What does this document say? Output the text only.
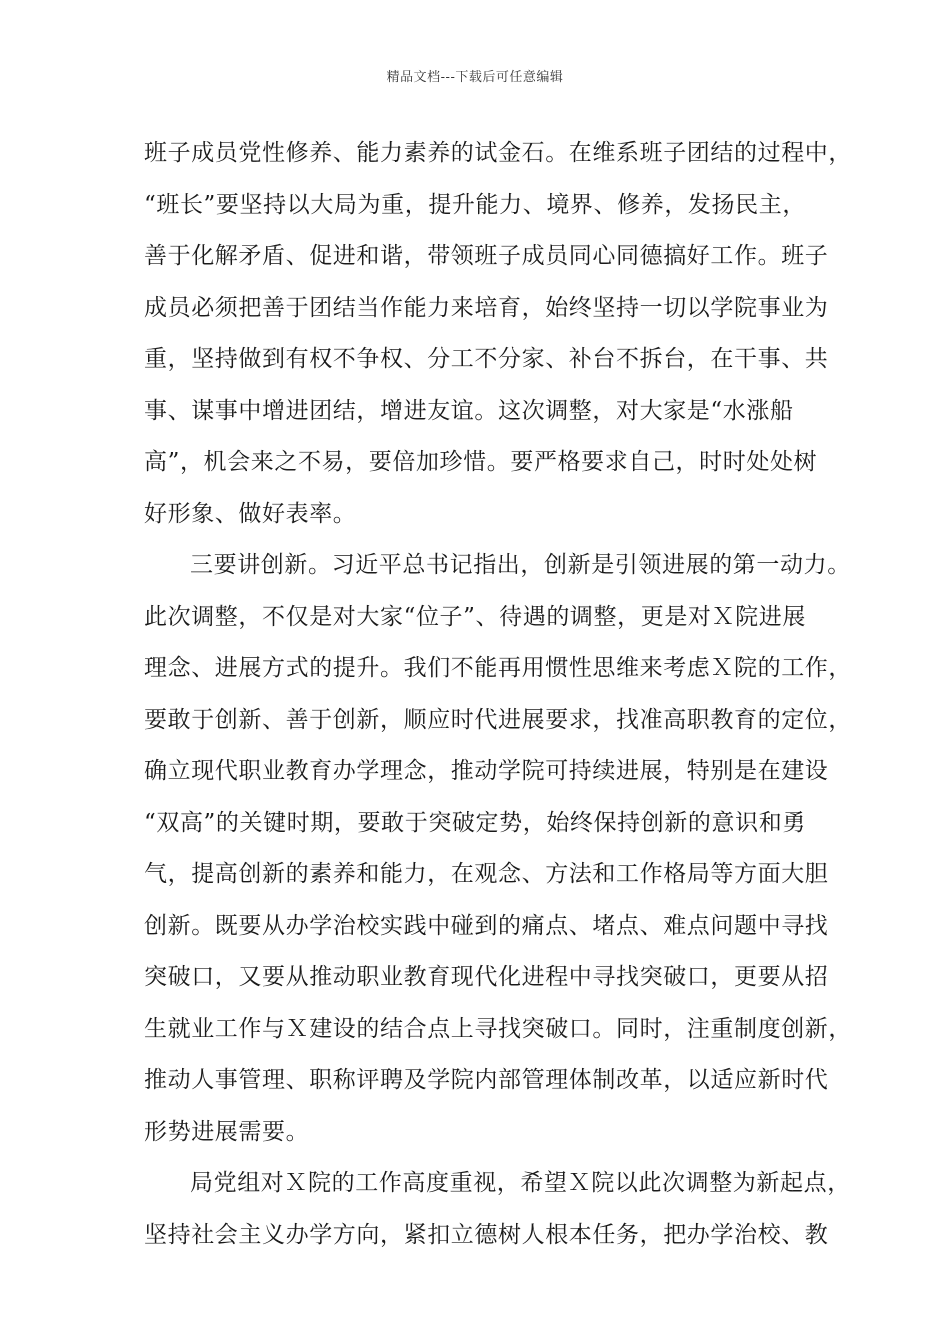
精品文档---下载后可任意编辑
班子成员党性修养、能力素养的试金石。在维系班子团结的过程中，
“班长”要坚持以大局为重，提升能力、境界、修养，发扬民主，
善于化解矛盾、促进和谐，带领班子成员同心同德搞好工作。班子
成员必须把善于团结当作能力来培育，始终坚持一切以学院事业为
重，坚持做到有权不争权、分工不分家、补台不拆台，在干事、共
事、谋事中增进团结，增进友谊。这次调整，对大家是“水涨船
高”，机会来之不易，要倍加珍惜。要严格要求自己，时时处处树
好形象、做好表率。
三要讲创新。习近平总书记指出，创新是引领进展的第一动力。
此次调整，不仅是对大家“位子”、待遇的调整，更是对Ｘ院进展
理念、进展方式的提升。我们不能再用惯性思维来考虑Ｘ院的工作，
要敢于创新、善于创新，顺应时代进展要求，找准高职教育的定位，
确立现代职业教育办学理念，推动学院可持续进展，特别是在建设
“双高”的关键时期，要敢于突破定势，始终保持创新的意识和勇
气，提高创新的素养和能力，在观念、方法和工作格局等方面大胆
创新。既要从办学治校实践中碰到的痛点、堵点、难点问题中寻找
突破口，又要从推动职业教育现代化进程中寻找突破口，更要从招
生就业工作与Ｘ建设的结合点上寻找突破口。同时，注重制度创新，
推动人事管理、职称评聘及学院内部管理体制改革，以适应新时代
形势进展需要。
局党组对Ｘ院的工作高度重视，希望Ｘ院以此次调整为新起点，
坚持社会主义办学方向，紧扣立德树人根本任务，把办学治校、教
